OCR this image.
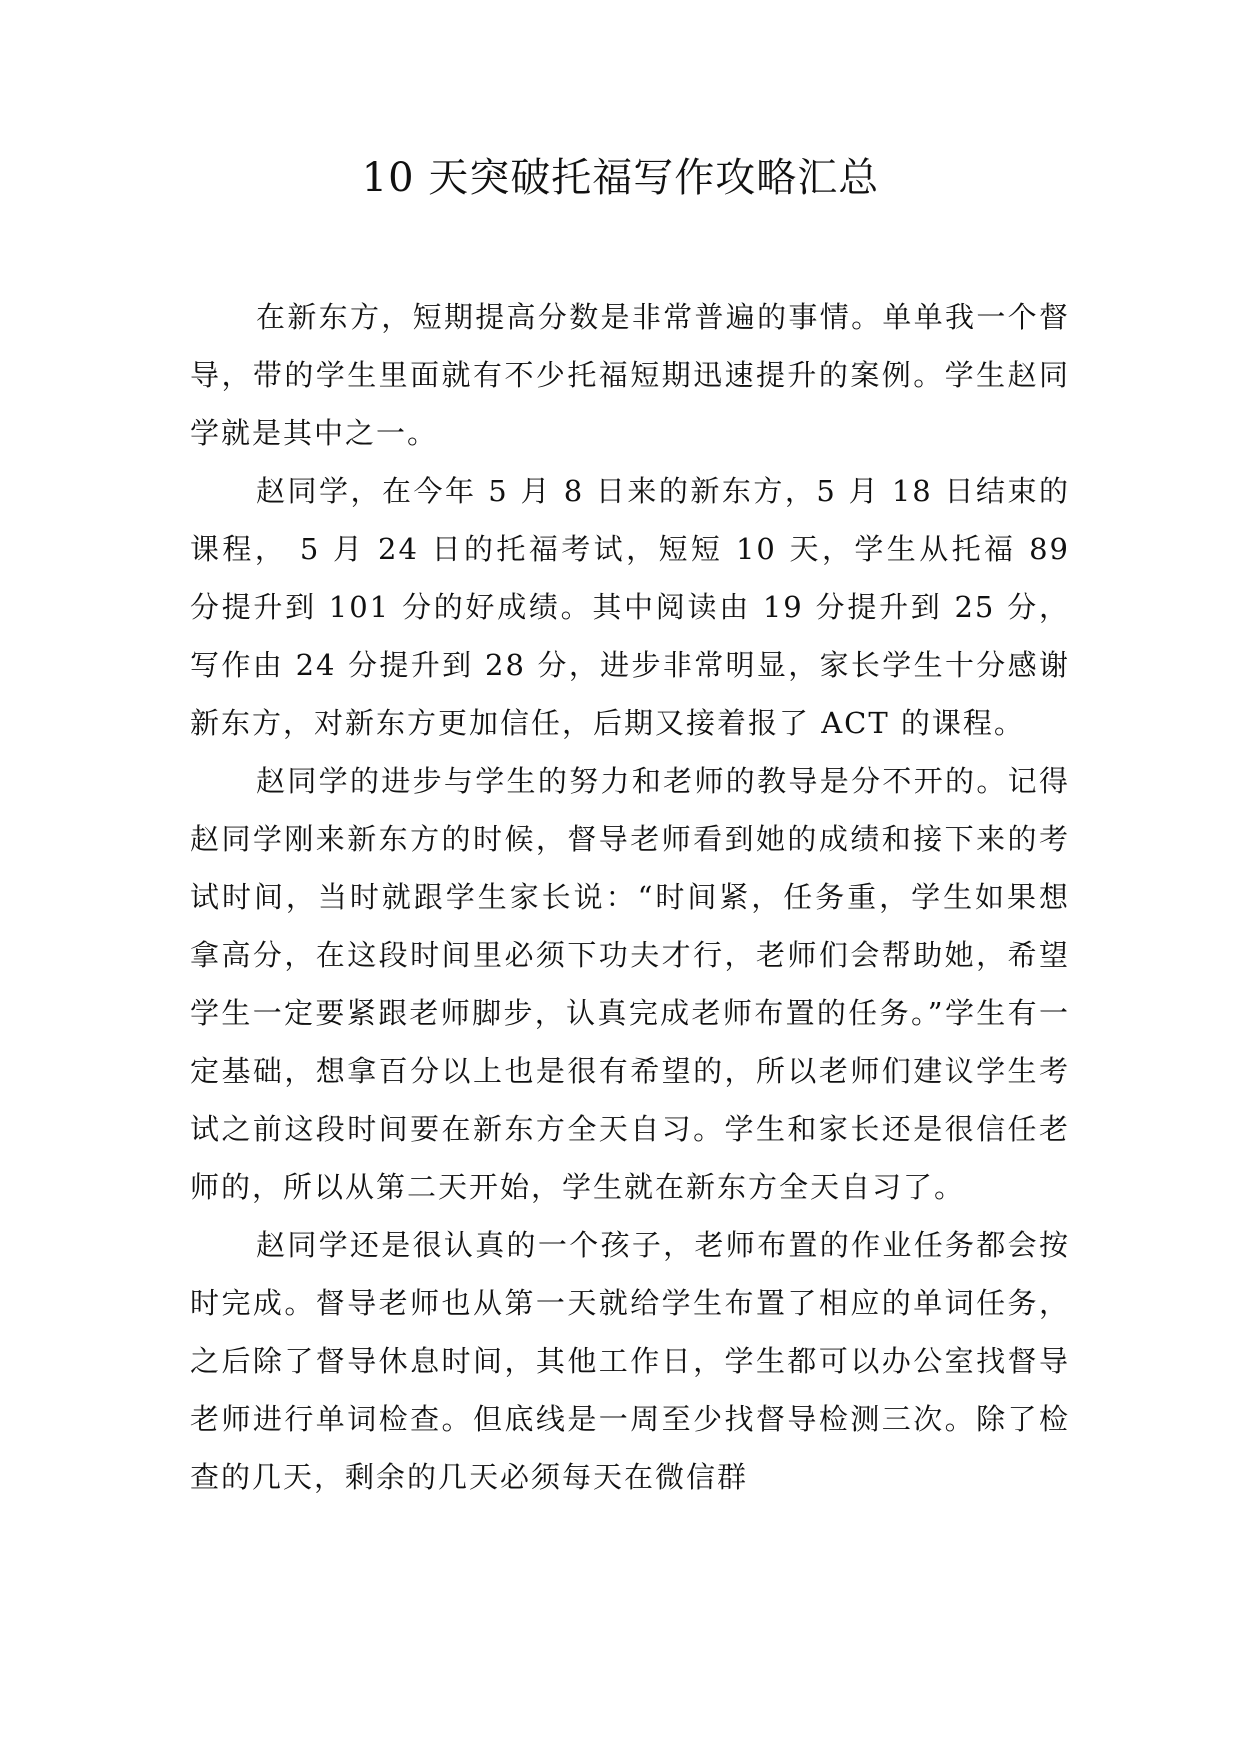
10 天突破托福写作攻略汇总

在新东方，短期提高分数是非常普遍的事情。单单我一个督导，带的学生里面就有不少托福短期迅速提升的案例。学生赵同学就是其中之一。

赵同学，在今年 5 月 8 日来的新东方，5 月 18 日结束的课程， 5 月 24 日的托福考试，短短 10 天，学生从托福 89 分提升到 101 分的好成绩。其中阅读由 19 分提升到 25 分，写作由 24 分提升到 28 分，进步非常明显，家长学生十分感谢新东方，对新东方更加信任，后期又接着报了 ACT 的课程。

赵同学的进步与学生的努力和老师的教导是分不开的。记得赵同学刚来新东方的时候，督导老师看到她的成绩和接下来的考试时间，当时就跟学生家长说：“时间紧，任务重，学生如果想拿高分，在这段时间里必须下功夫才行，老师们会帮助她，希望学生一定要紧跟老师脚步，认真完成老师布置的任务。”学生有一定基础，想拿百分以上也是很有希望的，所以老师们建议学生考试之前这段时间要在新东方全天自习。学生和家长还是很信任老师的，所以从第二天开始，学生就在新东方全天自习了。

赵同学还是很认真的一个孩子，老师布置的作业任务都会按时完成。督导老师也从第一天就给学生布置了相应的单词任务，之后除了督导休息时间，其他工作日，学生都可以办公室找督导老师进行单词检查。但底线是一周至少找督导检测三次。除了检查的几天，剩余的几天必须每天在微信群
